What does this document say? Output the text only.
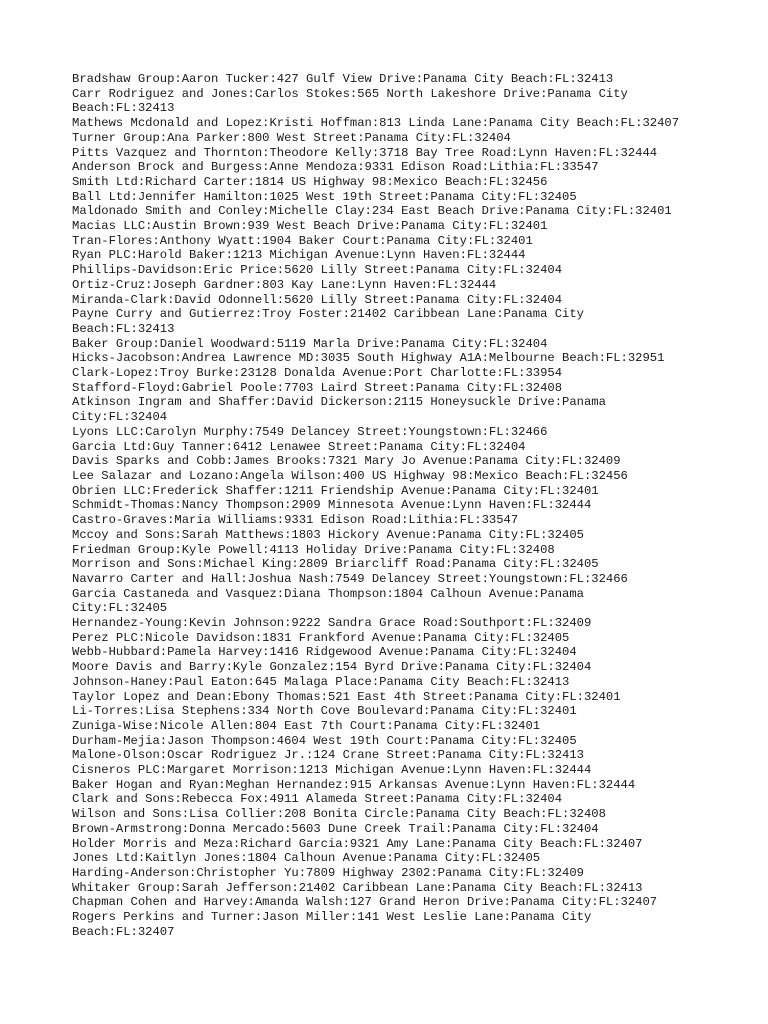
Bradshaw Group:Aaron Tucker:427 Gulf View Drive:Panama City Beach:FL:32413

Carr Rodriguez and Jones:Carlos Stokes:565 North Lakeshore Drive:Panama City
Beach:FL:32413

Mathews Mcdonald and Lopez:Kristi Hoffman:813 Linda Lane:Panama City Beach:FL:32407

Turner Group:Ana Parker:800 West Street:Panama City:FL:32404

Pitts Vazquez and Thornton:Theodore Kelly:3718 Bay Tree Road:Lynn Haven:FL:32444

Anderson Brock and Burgess:Anne Mendoza:9331 Edison Road:Lithia:FL:33547

Smith Ltd:Richard Carter:1814 US Highway 98:Mexico Beach:FL:32456

Ball Ltd:Jennifer Hamilton:1025 West 19th Street:Panama City:FL:32405

Maldonado Smith and Conley:Michelle Clay:234 East Beach Drive:Panama City:FL:32401

Macias LLC:Austin Brown:939 West Beach Drive:Panama City:FL:32401

Tran-Flores:Anthony Wyatt:1904 Baker Court:Panama City:FL:32401

Ryan PLC:Harold Baker:1213 Michigan Avenue:Lynn Haven:FL:32444

Phillips-Davidson:Eric Price:5620 Lilly Street:Panama City:FL:32404

Ortiz-Cruz:Joseph Gardner:803 Kay Lane:Lynn Haven:FL:32444

Miranda-Clark:David Odonnell:5620 Lilly Street:Panama City:FL:32404

Payne Curry and Gutierrez:Troy Foster:21402 Caribbean Lane:Panama City
Beach:FL:32413

Baker Group:Daniel Woodward:5119 Marla Drive:Panama City:FL:32404

Hicks-Jacobson:Andrea Lawrence MD:3035 South Highway A1A:Melbourne Beach:FL:32951

Clark-Lopez:Troy Burke:23128 Donalda Avenue:Port Charlotte:FL:33954

Stafford-Floyd:Gabriel Poole:7703 Laird Street:Panama City:FL:32408

Atkinson Ingram and Shaffer:David Dickerson:2115 Honeysuckle Drive:Panama
City:FL:32404

Lyons LLC:Carolyn Murphy:7549 Delancey Street:Youngstown:FL:32466

Garcia Ltd:Guy Tanner:6412 Lenawee Street:Panama City:FL:32404

Davis Sparks and Cobb:James Brooks:7321 Mary Jo Avenue:Panama City:FL:32409

Lee Salazar and Lozano:Angela Wilson:400 US Highway 98:Mexico Beach:FL:32456

Obrien LLC:Frederick Shaffer:1211 Friendship Avenue:Panama City:FL:32401

Schmidt-Thomas:Nancy Thompson:2909 Minnesota Avenue:Lynn Haven:FL:32444

Castro-Graves:Maria Williams:9331 Edison Road:Lithia:FL:33547

Mccoy and Sons:Sarah Matthews:1803 Hickory Avenue:Panama City:FL:32405

Friedman Group:Kyle Powell:4113 Holiday Drive:Panama City:FL:32408

Morrison and Sons:Michael King:2809 Briarcliff Road:Panama City:FL:32405

Navarro Carter and Hall:Joshua Nash:7549 Delancey Street:Youngstown:FL:32466

Garcia Castaneda and Vasquez:Diana Thompson:1804 Calhoun Avenue:Panama
City:FL:32405

Hernandez-Young:Kevin Johnson:9222 Sandra Grace Road:Southport:FL:32409

Perez PLC:Nicole Davidson:1831 Frankford Avenue:Panama City:FL:32405

Webb-Hubbard:Pamela Harvey:1416 Ridgewood Avenue:Panama City:FL:32404

Moore Davis and Barry:Kyle Gonzalez:154 Byrd Drive:Panama City:FL:32404

Johnson-Haney:Paul Eaton:645 Malaga Place:Panama City Beach:FL:32413

Taylor Lopez and Dean:Ebony Thomas:521 East 4th Street:Panama City:FL:32401

Li-Torres:Lisa Stephens:334 North Cove Boulevard:Panama City:FL:32401

Zuniga-Wise:Nicole Allen:804 East 7th Court:Panama City:FL:32401

Durham-Mejia:Jason Thompson:4604 West 19th Court:Panama City:FL:32405

Malone-Olson:Oscar Rodriguez Jr.:124 Crane Street:Panama City:FL:32413

Cisneros PLC:Margaret Morrison:1213 Michigan Avenue:Lynn Haven:FL:32444

Baker Hogan and Ryan:Meghan Hernandez:915 Arkansas Avenue:Lynn Haven:FL:32444

Clark and Sons:Rebecca Fox:4911 Alameda Street:Panama City:FL:32404

Wilson and Sons:Lisa Collier:208 Bonita Circle:Panama City Beach:FL:32408

Brown-Armstrong:Donna Mercado:5603 Dune Creek Trail:Panama City:FL:32404

Holder Morris and Meza:Richard Garcia:9321 Amy Lane:Panama City Beach:FL:32407

Jones Ltd:Kaitlyn Jones:1804 Calhoun Avenue:Panama City:FL:32405

Harding-Anderson:Christopher Yu:7809 Highway 2302:Panama City:FL:32409

Whitaker Group:Sarah Jefferson:21402 Caribbean Lane:Panama City Beach:FL:32413

Chapman Cohen and Harvey:Amanda Walsh:127 Grand Heron Drive:Panama City:FL:32407

Rogers Perkins and Turner:Jason Miller:141 West Leslie Lane:Panama City
Beach:FL:32407
